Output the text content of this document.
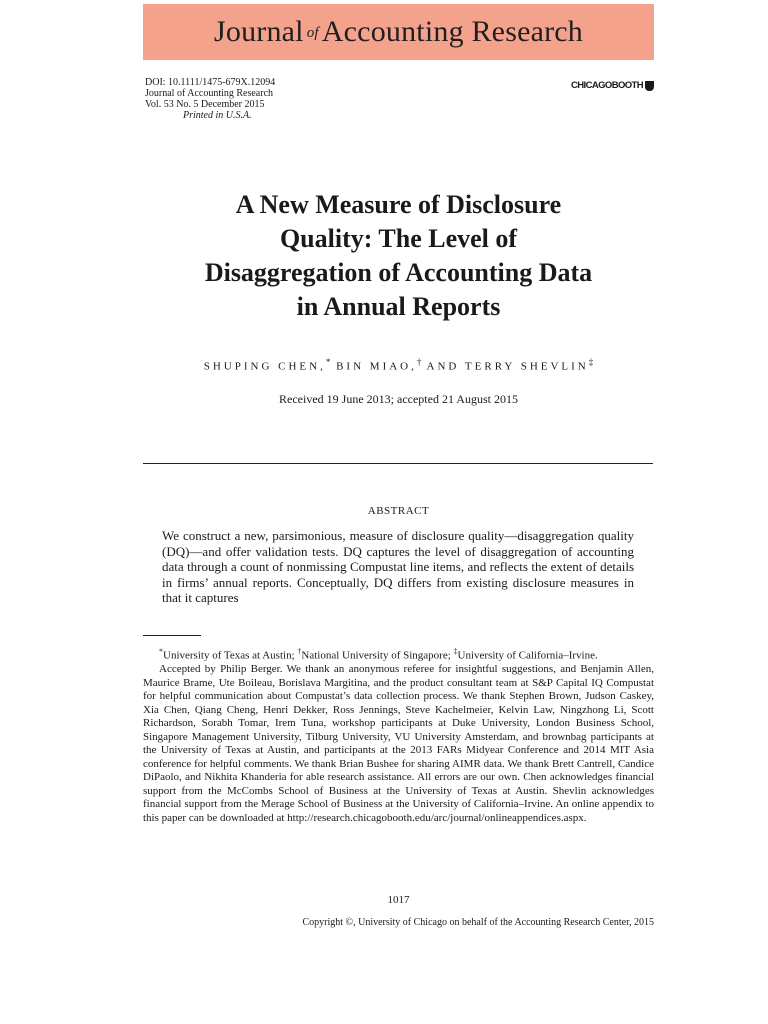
Journal of Accounting Research
DOI: 10.1111/1475-679X.12094
Journal of Accounting Research
Vol. 53 No. 5 December 2015
Printed in U.S.A.
CHICAGOBOOTH
A New Measure of Disclosure
Quality: The Level of
Disaggregation of Accounting Data
in Annual Reports
SHUPING CHEN,* BIN MIAO,† AND TERRY SHEVLIN‡
Received 19 June 2013; accepted 21 August 2015
ABSTRACT

We construct a new, parsimonious, measure of disclosure quality—disaggregation quality (DQ)—and offer validation tests. DQ captures the level of disaggregation of accounting data through a count of nonmissing Compustat line items, and reflects the extent of details in firms’ annual reports. Conceptually, DQ differs from existing disclosure measures in that it captures

*University of Texas at Austin; †National University of Singapore; ‡University of California–Irvine.

Accepted by Philip Berger. We thank an anonymous referee for insightful suggestions, and Benjamin Allen, Maurice Brame, Ute Boileau, Borislava Margitina, and the product consultant team at S&P Capital IQ Compustat for helpful communication about Compustat’s data collection process. We thank Stephen Brown, Judson Caskey, Xia Chen, Qiang Cheng, Henri Dekker, Ross Jennings, Steve Kachelmeier, Kelvin Law, Ningzhong Li, Scott Richardson, Sorabh Tomar, Irem Tuna, workshop participants at Duke University, London Business School, Singapore Management University, Tilburg University, VU University Amsterdam, and brownbag participants at the University of Texas at Austin, and participants at the 2013 FARs Midyear Conference and 2014 MIT Asia conference for helpful comments. We thank Brian Bushee for sharing AIMR data. We thank Brett Cantrell, Candice DiPaolo, and Nikhita Khanderia for able research assistance. All errors are our own. Chen acknowledges financial support from the McCombs School of Business at the University of Texas at Austin. Shevlin acknowledges financial support from the Merage School of Business at the University of California–Irvine. An online appendix to this paper can be downloaded at http://research.chicagobooth.edu/arc/journal/onlineappendices.aspx.

1017
Copyright ©, University of Chicago on behalf of the Accounting Research Center, 2015
